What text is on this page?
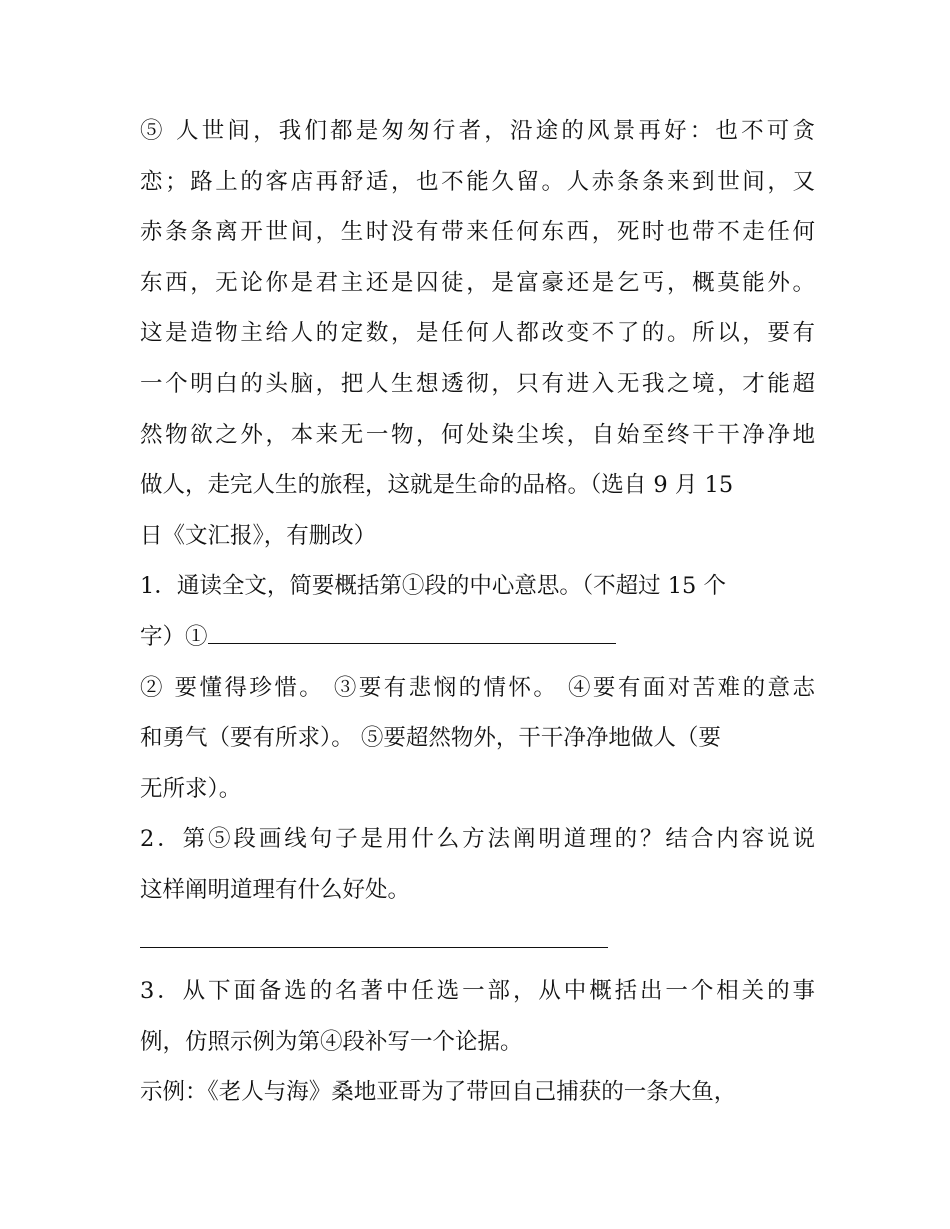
⑤ 人世间，我们都是匆匆行者，沿途的风景再好：也不可贪
恋；路上的客店再舒适，也不能久留。人赤条条来到世间，又
赤条条离开世间，生时没有带来任何东西，死时也带不走任何
东西，无论你是君主还是囚徒，是富豪还是乞丐，概莫能外。
这是造物主给人的定数，是任何人都改变不了的。所以，要有
一个明白的头脑，把人生想透彻，只有进入无我之境，才能超
然物欲之外，本来无一物，何处染尘埃，自始至终干干净净地
做人，走完人生的旅程，这就是生命的品格。（选自 9 月 15
日《文汇报》，有删改）
1．通读全文，简要概括第①段的中心意思。（不超过 15 个
字）①
② 要懂得珍惜。 ③要有悲悯的情怀。 ④要有面对苦难的意志
和勇气（要有所求）。 ⑤要超然物外，干干净净地做人（要
无所求）。
2．第⑤段画线句子是用什么方法阐明道理的？结合内容说说
这样阐明道理有什么好处。
3．从下面备选的名著中任选一部，从中概括出一个相关的事
例，仿照示例为第④段补写一个论据。
示例：《老人与海》桑地亚哥为了带回自己捕获的一条大鱼，
